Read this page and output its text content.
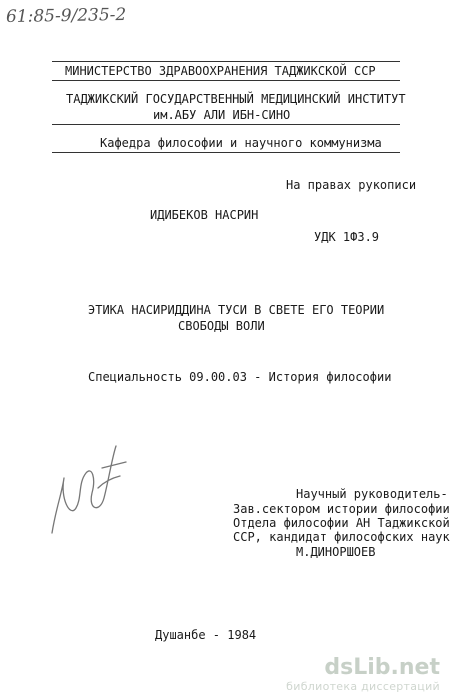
61:85-9/235-2
МИНИСТЕРСТВО ЗДРАВООХРАНЕНИЯ ТАДЖИКСКОЙ ССР
ТАДЖИКСКИЙ ГОСУДАРСТВЕННЫЙ МЕДИЦИНСКИЙ ИНСТИТУТ
им.АБУ АЛИ ИБН-СИНО
Кафедра философии и научного коммунизма
На правах рукописи
ИДИБЕКОВ НАСРИН
УДК 1Ф3.9
ЭТИКА НАСИРИДДИНА ТУСИ В СВЕТЕ ЕГО ТЕОРИИ
СВОБОДЫ ВОЛИ
Специальность 09.00.03 - История философии
Научный руководитель-
Зав.сектором истории философии
Отдела философии АН Таджикской
ССР, кандидат философских наук
М.ДИНОРШОЕВ
Душанбе - 1984
dsLib.net
библиотека диссертаций
